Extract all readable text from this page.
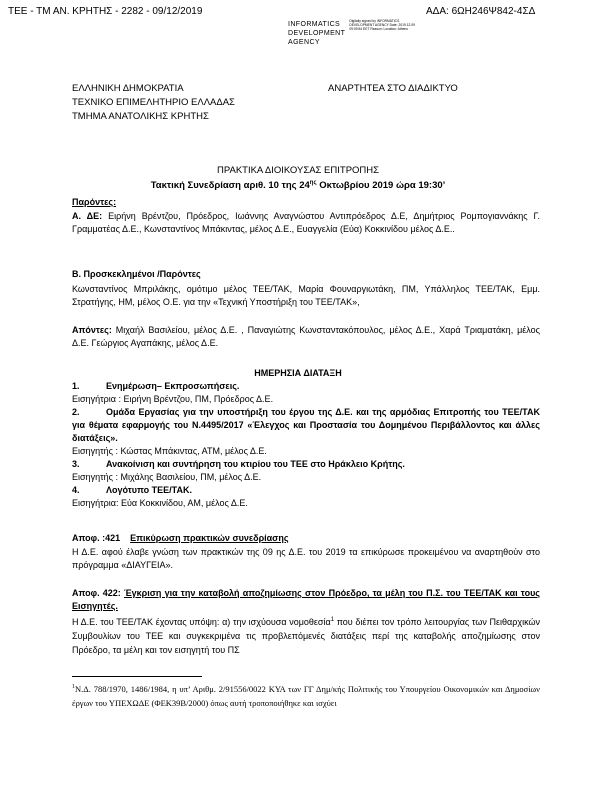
ΤΕΕ - ΤΜ ΑΝ. ΚΡΗΤΗΣ - 2282 - 09/12/2019	ΑΔΑ: 6ΩΗ246Ψ842-4ΣΔ
INFORMATICS
DEVELOPMENT
AGENCY
Digitally signed by INFORMATICS DEVELOPMENT AGENCY Date: 2019.12.09 09:09:54 EET Reason: Location: Athens
ΕΛΛΗΝΙΚΗ ΔΗΜΟΚΡΑΤΙΑ
ΤΕΧΝΙΚΟ ΕΠΙΜΕΛΗΤΗΡΙΟ ΕΛΛΑΔΑΣ
ΤΜΗΜΑ ΑΝΑΤΟΛΙΚΗΣ ΚΡΗΤΗΣ
ΑΝΑΡΤΗΤΕΑ ΣΤΟ ΔΙΑΔΙΚΤΥΟ
ΠΡΑΚΤΙΚΑ ΔΙΟΙΚΟΥΣΑΣ ΕΠΙΤΡΟΠΗΣ
Τακτική Συνεδρίαση αριθ. 10 της $24^{\eta\varsigma}$ Οκτωβρίου 2019 ώρα 19:30’
Παρόντες:
Α. ΔΕ: Ειρήνη Βρέντζου, Πρόεδρος, Ιωάννης Αναγνώστου Αντιπρόεδρος Δ.Ε, Δημήτριος Ρομπογιαννάκης Γ. Γραμματέας Δ.Ε., Κωνσταντίνος Μπάκιντας, μέλος Δ.Ε., Ευαγγελία (Εύα) Κοκκινίδου μέλος Δ.Ε..
Β. Προσκεκλημένοι /Παρόντες
Κωνσταντίνος Μπριλάκης, ομότιμο μέλος ΤΕΕ/ΤΑΚ, Μαρία Φουναργιωτάκη, ΠΜ, Υπάλληλος ΤΕΕ/ΤΑΚ, Εμμ. Στρατήγης, ΗΜ, μέλος Ο.Ε. για την «Τεχνική Υποστήριξη του ΤΕΕ/ΤΑΚ»,
Απόντες: Μιχαήλ Βασιλείου, μέλος Δ.Ε. , Παναγιώτης Κωνσταντακόπουλος, μέλος Δ.Ε., Χαρά Τριαματάκη, μέλος Δ.Ε. Γεώργιος Αγαπάκης, μέλος Δ.Ε.
ΗΜΕΡΗΣΙΑ ΔΙΑΤΑΞΗ
1.	Ενημέρωση– Εκπροσωπήσεις.
Εισηγήτρια : Ειρήνη Βρέντζου, ΠΜ, Πρόεδρος Δ.Ε.
2.	Ομάδα Εργασίας για την υποστήριξη του έργου της Δ.Ε. και της αρμόδιας Επιτροπής του ΤΕΕ/ΤΑΚ για θέματα εφαρμογής του Ν.4495/2017 «Έλεγχος και Προστασία του Δομημένου Περιβάλλοντος και άλλες διατάξεις».
Εισηγητής : Κώστας Μπάκιντας, ΑΤΜ, μέλος Δ.Ε.
3.	Ανακοίνιση και συντήρηση του κτιρίου του ΤΕΕ στο Ηράκλειο Κρήτης.
Εισηγητής : Μιχάλης Βασιλείου, ΠΜ, μέλος Δ.Ε.
4.	Λογότυπο ΤΕΕ/ΤΑΚ.
Εισηγήτρια: Εύα Κοκκινίδου, ΑΜ, μέλος Δ.Ε.
Αποφ. :421 Επικύρωση πρακτικών συνεδρίασης
Η Δ.Ε. αφού έλαβε γνώση των πρακτικών της 09 ης Δ.Ε. του 2019 τα επικύρωσε προκειμένου να αναρτηθούν στο πρόγραμμα «ΔΙΑΥΓΕΙΑ».
Αποφ. 422: Έγκριση για την καταβολή αποζημίωσης στον Πρόεδρο, τα μέλη του Π.Σ. του ΤΕΕ/ΤΑΚ και τους Εισηγητές.
Η Δ.Ε. του ΤΕΕ/ΤΑΚ έχοντας υπόψη: α) την ισχύουσα νομοθεσία$^1$ που διέπει τον τρόπο λειτουργίας των Πειθαρχικών Συμβουλίων του ΤΕΕ και συγκεκριμένα τις προβλεπόμενές διατάξεις περί της καταβολής αποζημίωσης στον Πρόεδρο, τα μέλη και τον εισηγητή του ΠΣ
$^1$Ν.Δ. 788/1970, 1486/1984, η υπ’ Αριθμ. 2/91556/0022 ΚΥΑ των ΓΓ Δημ/κής Πολιτικής του Υπουργείου Οικονομικών και Δημοσίων έργων του ΥΠΕΧΩΔΕ (ΦΕΚ39Β/2000) όπως αυτή τροποποιήθηκε και ισχύει
